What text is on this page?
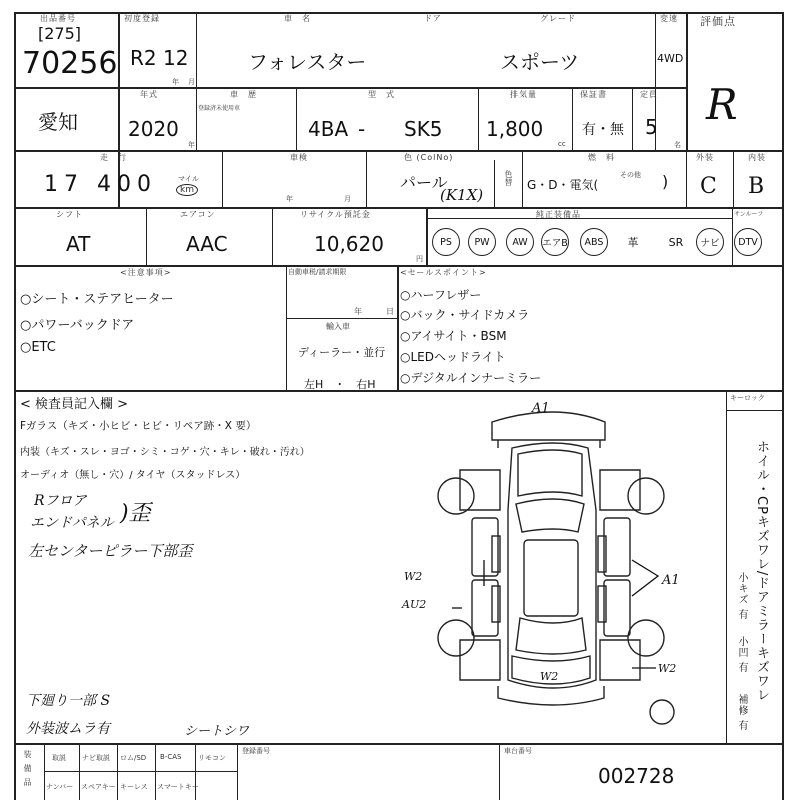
出品番号
[275]
70256
初度登録
R2 12
年 月
車　名
フォレスター
ドア	グレード
スポーツ
変速
4WD
評価点
R
愛知
年式
2020
年
車　歴
登録済未使用車
型　式
4BA - SK5
排気量
1,800
cc
保証書
有・無
定員
5
名
走　行
17 400	マイル
km
車検
年	月
色 (ColNo)
パール
(K1X)
色替
燃　料
G・D・電気(
その他 )
外装
C
内装
B
シフト
AT
エアコン
AAC
リサイクル預託金
10,620
円
純正装備品	サンルーフ
PS	PW	AW	エアB	ABS	革	SR	ナビ	DTV
<注意事項>
○シート・ステアヒーター
○パワーバックドア
○ETC
自動車税/請求期限
年	日
輸入車
ディーラー・並行
左H　・　右H
<セールスポイント>
○ハーフレザー
○バック・サイドカメラ
○アイサイト・BSM
○LEDヘッドライト
○デジタルインナーミラー
< 検査員記入欄 >
Fガラス（キズ・小ヒビ・ヒビ・リペア跡・X 要）
内装（キズ・スレ・ヨゴ・シミ・コゲ・穴・キレ・破れ・汚れ）
オーディオ（無し・穴）/ タイヤ（スタッドレス）
Rフロア
エンドパネル )歪
左センターピラー下部歪
下廻り一部 S
外装波ムラ有	シートシワ
キーロック
ホイル・CPキズワレ/ドアミラーキズワレ
小キズ 有
小凹 有
補修 有
A1
W2
AU2
A1
W2
W2
装備品	取説 ナビ取説 ロム/SD B-CAS リモコン
ナンバー スペアキー キーレス スマートキー
登録番号	車台番号
002728
